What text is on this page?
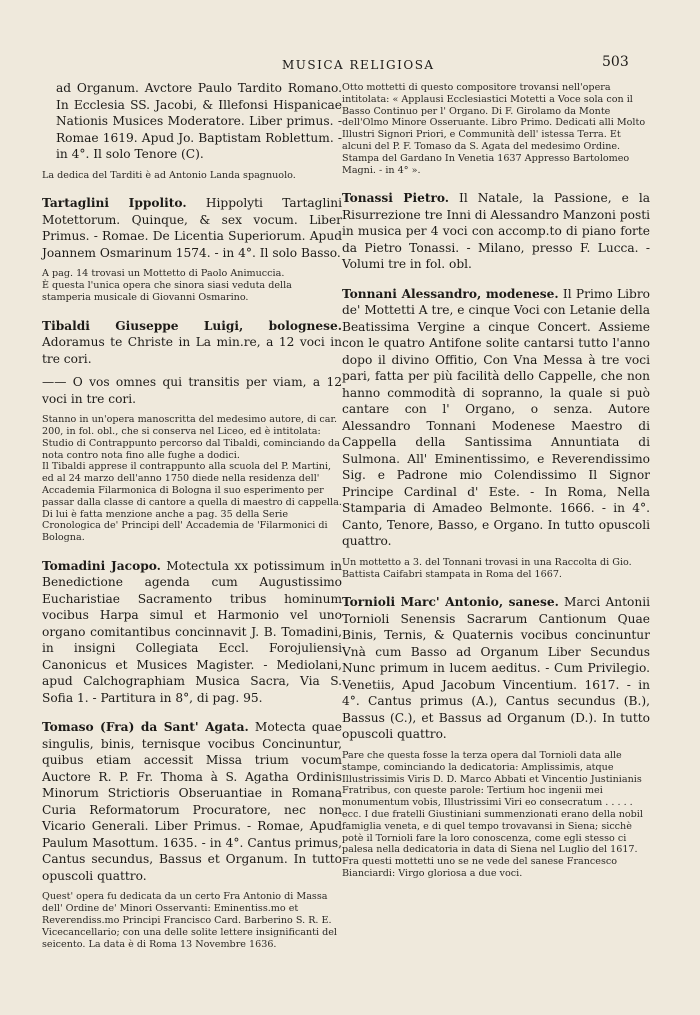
MUSICA RELIGIOSA	503
ad Organum. Avctore Paulo Tardito Romano. In Ecclesia SS. Jacobi, & Illefonsi Hispanicae Nationis Musices Moderatore. Liber primus. - Romae 1619. Apud Jo. Baptistam Roblettum. - in 4°. Il solo Tenore (C).
La dedica del Tarditi è ad Antonio Landa spagnuolo.
Tartaglini Ippolito. Hippolyti Tartaglini Motettorum. Quinque, & sex vocum. Liber Primus. - Romae. De Licentia Superiorum. Apud Joannem Osmarinum 1574. - in 4°. Il solo Basso.
A pag. 14 trovasi un Mottetto di Paolo Animuccia.
È questa l'unica opera che sinora siasi veduta della stamperia musicale di Giovanni Osmarino.
Tibaldi Giuseppe Luigi, bolognese. Adoramus te Christe in La min.re, a 12 voci in tre cori.
—— O vos omnes qui transitis per viam, a 12 voci in tre cori.
Stanno in un'opera manoscritta del medesimo autore, di car. 200, in fol. obl., che si conserva nel Liceo, ed è intitolata: Studio di Contrappunto percorso dal Tibaldi, cominciando da nota contro nota fino alle fughe a dodici.
Il Tibaldi apprese il contrappunto alla scuola del P. Martini, ed al 24 marzo dell'anno 1750 diede nella residenza dell' Accademia Filarmonica di Bologna il suo esperimento per passar dalla classe di cantore a quella di maestro di cappella. Di lui è fatta menzione anche a pag. 35 della Serie Cronologica de' Principi dell' Accademia de 'Filarmonici di Bologna.
Tomadini Jacopo. Motectula xx potissimum in Benedictione agenda cum Augustissimo Eucharistiae Sacramento tribus hominum vocibus Harpa simul et Harmonio vel uno organo comitantibus concinnavit J. B. Tomadini, in insigni Collegiata Eccl. Forojuliensi Canonicus et Musices Magister. - Mediolani, apud Calchographiam Musica Sacra, Via S. Sofia 1. - Partitura in 8°, di pag. 95.
Tomaso (Fra) da Sant' Agata. Motecta quae singulis, binis, ternisque vocibus Concinuntur, quibus etiam accessit Missa trium vocum Auctore R. P. Fr. Thoma à S. Agatha Ordinis Minorum Strictioris Obseruantiae in Romana Curia Reformatorum Procuratore, nec non Vicario Generali. Liber Primus. - Romae, Apud Paulum Masottum. 1635. - in 4°. Cantus primus, Cantus secundus, Bassus et Organum. In tutto opuscoli quattro.
Quest' opera fu dedicata da un certo Fra Antonio di Massa dell' Ordine de' Minori Osservanti: Eminentiss.mo et Reverendiss.mo Principi Francisco Card. Barberino S. R. E. Vicecancellario; con una delle solite lettere insignificanti del seicento. La data è di Roma 13 Novembre 1636.
Otto mottetti di questo compositore trovansi nell'opera intitolata: « Applausi Ecclesiastici Motetti a Voce sola con il Basso Continuo per l' Organo. Di F. Girolamo da Monte dell'Olmo Minore Osseruante. Libro Primo. Dedicati alli Molto Illustri Signori Priori, e Communità dell' istessa Terra. Et alcuni del P. F. Tomaso da S. Agata del medesimo Ordine. Stampa del Gardano In Venetia 1637 Appresso Bartolomeo Magni. - in 4° ».
Tonassi Pietro. Il Natale, la Passione, e la Risurrezione tre Inni di Alessandro Manzoni posti in musica per 4 voci con accomp.to di piano forte da Pietro Tonassi. - Milano, presso F. Lucca. - Volumi tre in fol. obl.
Tonnani Alessandro, modenese. Il Primo Libro de' Mottetti A tre, e cinque Voci con Letanie della Beatissima Vergine a cinque Concert. Assieme con le quatro Antifone solite cantarsi tutto l'anno dopo il divino Offitio, Con Vna Messa à tre voci pari, fatta per più facilità dello Cappelle, che non hanno commodità di sopranno, la quale si può cantare con l' Organo, o senza. Autore Alessandro Tonnani Modenese Maestro di Cappella della Santissima Annuntiata di Sulmona. All' Eminentissimo, e Reverendissimo Sig. e Padrone mio Colendissimo Il Signor Principe Cardinal d' Este. - In Roma, Nella Stamparia di Amadeo Belmonte. 1666. - in 4°. Canto, Tenore, Basso, e Organo. In tutto opuscoli quattro.
Un mottetto a 3. del Tonnani trovasi in una Raccolta di Gio. Battista Caifabri stampata in Roma del 1667.
Tornioli Marc' Antonio, sanese. Marci Antonii Tornioli Senensis Sacrarum Cantionum Quae Binis, Ternis, & Quaternis vocibus concinuntur Vnà cum Basso ad Organum Liber Secundus Nunc primum in lucem aeditus. - Cum Privilegio. Venetiis, Apud Jacobum Vincentium. 1617. - in 4°. Cantus primus (A.), Cantus secundus (B.), Bassus (C.), et Bassus ad Organum (D.). In tutto opuscoli quattro.
Pare che questa fosse la terza opera dal Tornioli data alle stampe, cominciando la dedicatoria: Amplissimis, atque Illustrissimis Viris D. D. Marco Abbati et Vincentio Justinianis Fratribus, con queste parole: Tertium hoc ingenii mei monumentum vobis, Illustrissimi Viri eo consecratum . . . . . ecc. I due fratelli Giustiniani summenzionati erano della nobil famiglia veneta, e di quel tempo trovavansi in Siena; sicchè potè il Tornioli fare la loro conoscenza, come egli stesso ci palesa nella dedicatoria in data di Siena nel Luglio del 1617.
Fra questi mottetti uno se ne vede del sanese Francesco Bianciardi: Virgo gloriosa a due voci.
